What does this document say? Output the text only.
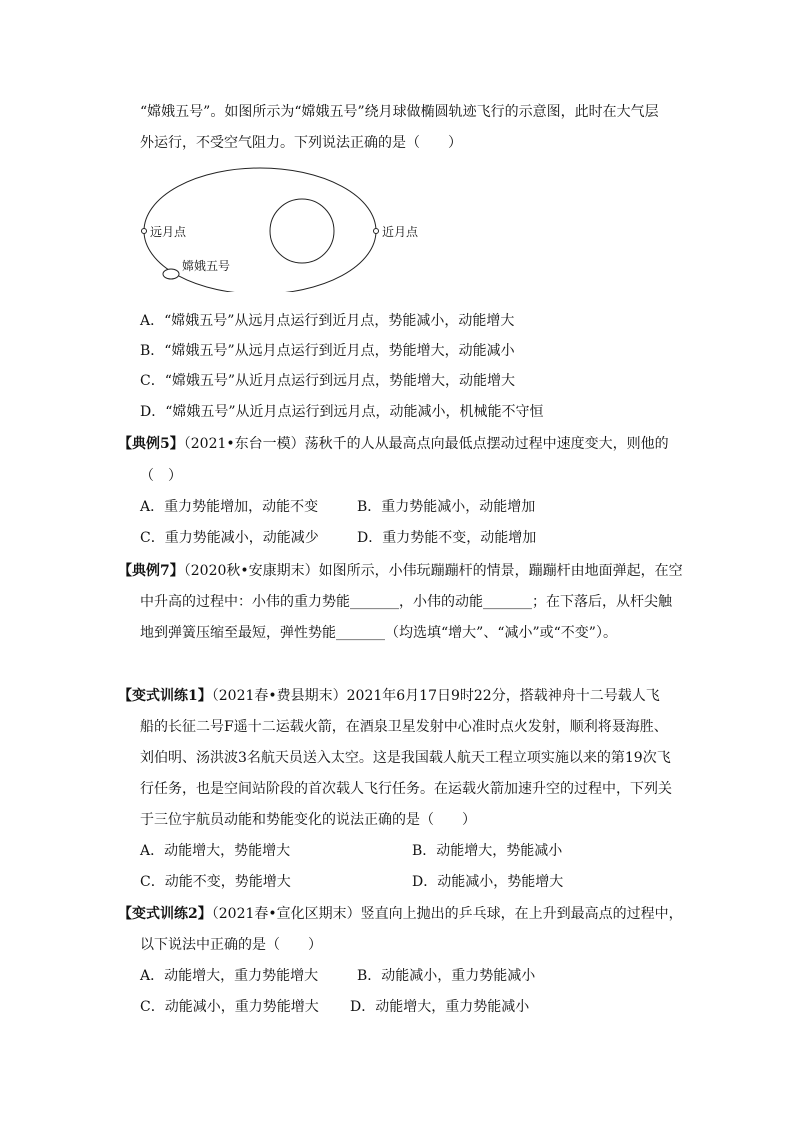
“嫦娥五号”。如图所示为“嫦娥五号”绕月球做椭圆轨迹飞行的示意图，此时在大气层
外运行，不受空气阻力。下列说法正确的是（　　）
远月点
嫦娥五号
近月点
A．“嫦娥五号”从远月点运行到近月点，势能减小，动能增大
B．“嫦娥五号”从远月点运行到近月点，势能增大，动能减小
C．“嫦娥五号”从近月点运行到远月点，势能增大，动能增大
D．“嫦娥五号”从近月点运行到远月点，动能减小，机械能不守恒
【典例5】（2021•东台一模）荡秋千的人从最高点向最低点摆动过程中速度变大，则他的
（　）
A．重力势能增加，动能不变	B．重力势能减小，动能增加
C．重力势能减小，动能减少	D．重力势能不变，动能增加
【典例7】（2020秋•安康期末）如图所示，小伟玩蹦蹦杆的情景，蹦蹦杆由地面弹起，在空
中升高的过程中：小伟的重力势能_______，小伟的动能_______；在下落后，从杆尖触
地到弹簧压缩至最短，弹性势能_______（均选填“增大”、“减小”或“不变”）。
【变式训练1】（2021春•费县期末）2021年6月17日9时22分，搭载神舟十二号载人飞
船的长征二号F遥十二运载火箭，在酒泉卫星发射中心准时点火发射，顺利将聂海胜、
刘伯明、汤洪波3名航天员送入太空。这是我国载人航天工程立项实施以来的第19次飞
行任务，也是空间站阶段的首次载人飞行任务。在运载火箭加速升空的过程中，下列关
于三位宇航员动能和势能变化的说法正确的是（　　）
A．动能增大，势能增大	B．动能增大，势能减小
C．动能不变，势能增大	D．动能减小，势能增大
【变式训练2】（2021春•宣化区期末）竖直向上抛出的乒乓球，在上升到最高点的过程中，
以下说法中正确的是（　　）
A．动能增大，重力势能增大	B．动能减小，重力势能减小
C．动能减小，重力势能增大 D．动能增大，重力势能减小
